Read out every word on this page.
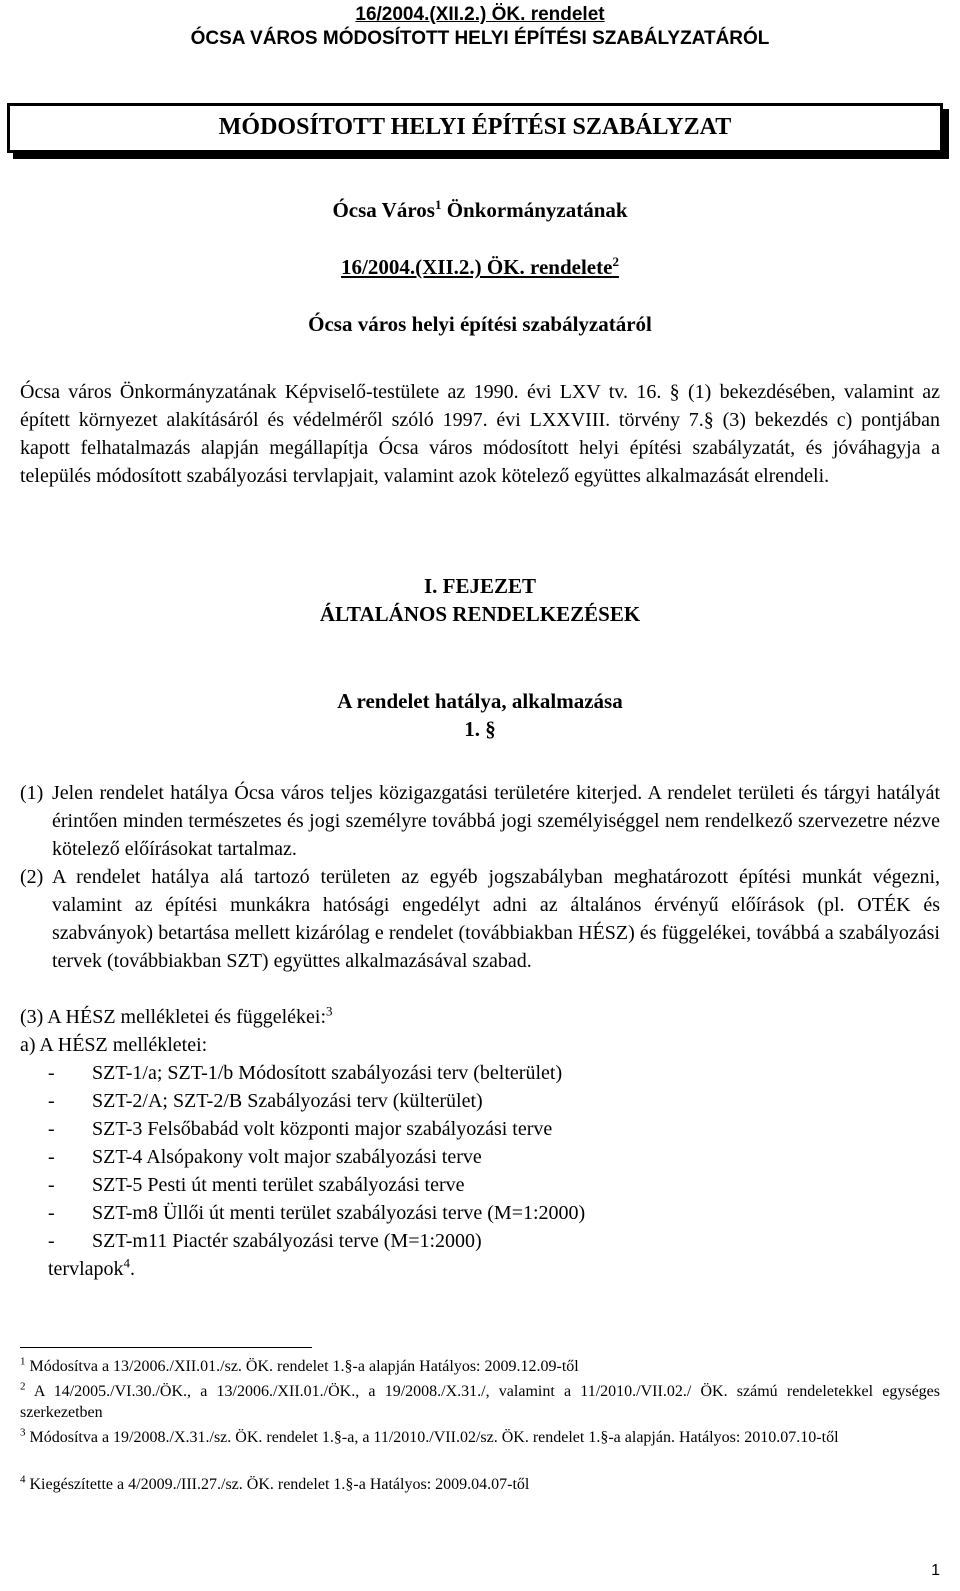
16/2004.(XII.2.) ÖK. rendelet
ÓCSA VÁROS MÓDOSÍTOTT HELYI ÉPÍTÉSI SZABÁLYZATÁRÓL
MÓDOSÍTOTT HELYI ÉPÍTÉSI SZABÁLYZAT
Ócsa Város$^1$ Önkormányzatának
16/2004.(XII.2.) ÖK. rendelete$^2$
Ócsa város helyi építési szabályzatáról
Ócsa város Önkormányzatának Képviselő-testülete az 1990. évi LXV tv. 16. § (1) bekezdésében, valamint az épített környezet alakításáról és védelméről szóló 1997. évi LXXVIII. törvény 7.§ (3) bekezdés c) pontjában kapott felhatalmazás alapján megállapítja Ócsa város módosított helyi építési szabályzatát, és jóváhagyja a település módosított szabályozási tervlapjait, valamint azok kötelező együttes alkalmazását elrendeli.
I. FEJEZET
ÁLTALÁNOS RENDELKEZÉSEK
A rendelet hatálya, alkalmazása
1. §
(1) Jelen rendelet hatálya Ócsa város teljes közigazgatási területére kiterjed. A rendelet területi és tárgyi hatályát érintően minden természetes és jogi személyre továbbá jogi személyiséggel nem rendelkező szervezetre nézve kötelező előírásokat tartalmaz.
(2) A rendelet hatálya alá tartozó területen az egyéb jogszabályban meghatározott építési munkát végezni, valamint az építési munkákra hatósági engedélyt adni az általános érvényű előírások (pl. OTÉK és szabványok) betartása mellett kizárólag e rendelet (továbbiakban HÉSZ) és függelékei, továbbá a szabályozási tervek (továbbiakban SZT) együttes alkalmazásával szabad.
(3) A HÉSZ mellékletei és függelékei:$^3$
a) A HÉSZ mellékletei:
- SZT-1/a; SZT-1/b Módosított szabályozási terv (belterület)
- SZT-2/A; SZT-2/B Szabályozási terv (külterület)
- SZT-3 Felsőbabád volt központi major szabályozási terve
- SZT-4 Alsópakony volt major szabályozási terve
- SZT-5 Pesti út menti terület szabályozási terve
- SZT-m8 Üllői út menti terület szabályozási terve (M=1:2000)
- SZT-m11 Piactér szabályozási terve (M=1:2000)
tervlapok$^4$.
$^1$ Módosítva a 13/2006./XII.01./sz. ÖK. rendelet 1.§-a alapján Hatályos: 2009.12.09-től
$^2$ A 14/2005./VI.30./ÖK., a 13/2006./XII.01./ÖK., a 19/2008./X.31./, valamint a 11/2010./VII.02./ ÖK. számú rendeletekkel egységes szerkezetben
$^3$ Módosítva a 19/2008./X.31./sz. ÖK. rendelet 1.§-a, a 11/2010./VII.02/sz. ÖK. rendelet 1.§-a alapján. Hatályos: 2010.07.10-től
$^4$ Kiegészítette a 4/2009./III.27./sz. ÖK. rendelet 1.§-a Hatályos: 2009.04.07-től
1
